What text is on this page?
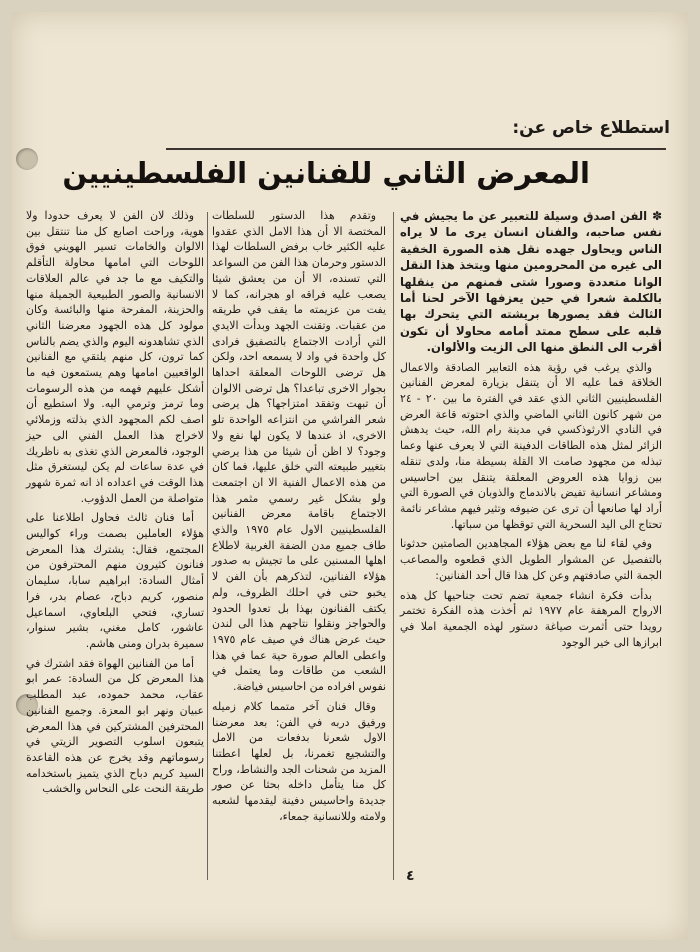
استطلاع خاص عن:
المعرض الثاني للفنانين الفلسطينيين

✽ الفن اصدق وسيلة للتعبير عن ما يجيش في نفس صاحبه، والفنان انسان يرى ما لا يراه الناس ويحاول جهده نقل هذه الصورة الخفية الى غيره من المحرومين منها ويتخذ هذا النقل الوانا متعددة وصورا شتى فمنهم من ينقلها بالكلمة شعرا في حين يعزفها الآخر لحنا أما الثالث فقد يصورها بريشته التي يتحرك بها قلبه على سطح ممتد أمامه محاولا أن تكون أقرب الى النطق منها الى الزيت والألوان.

والذي يرغب في رؤية هذه التعابير الصادقة والاعمال الخلاقة فما عليه الا أن يتنقل بزيارة لمعرض الفنانين الفلسطينيين الثاني الذي عقد في الفترة ما بين ٢٠ - ٢٤ من شهر كانون الثاني الماضي والذي احتوته قاعة العرض في النادي الارثوذكسي في مدينة رام الله، حيث يدهش الزائر لمثل هذه الطاقات الدفينة التي لا يعرف عنها وعما تبذله من مجهود صامت الا القلة بسيطة منا، ولدى تنقله بين زوايا هذه العروض المعلقة يتنقل بين احاسيس ومشاعر انسانية تفيض بالاندماج والذوبان في الصورة التي أراد لها صانعها أن ترى عن ضيوفه وتثير فيهم مشاعر نائمة تحتاج الى اليد السحرية التي توقظها من سباتها.

وفي لقاء لنا مع بعض هؤلاء المجاهدين الصامتين حدثونا بالتفصيل عن المشوار الطويل الذي قطعوه والمصاعب الجمة التي صادفتهم وعن كل هذا قال أحد الفنانين:

بدأت فكرة انشاء جمعية تضم تحت جناحيها كل هذه الارواح المرهفة عام ١٩٧٧ ثم أخذت هذه الفكرة تختمر رويدا حتى أثمرت صياغة دستور لهذه الجمعية املا في ابرازها الى خير الوجود

وتقدم هذا الدستور للسلطات المختصة الا أن هذا الامل الذي عقدوا عليه الكثير خاب برفض السلطات لهذا الدستور وحرمان هذا الفن من السواعد التي تسنده، الا أن من يعشق شيئا يصعب عليه فراقه او هجرانه، كما لا يفت من عزيمته ما يقف في طريقه من عقبات. وتقنت الجهد وبدأت الايدي التي أرادت الاجتماع بالتصفيق فرادى كل واحدة في واد لا يسمعه احد، ولكن هل ترضى اللوحات المعلقة احداها بجوار الاخرى تباعدا؟ هل ترضى الالوان أن تبهت وتفقد امتزاجها؟ هل يرضى شعر الفراشي من انتزاعه الواحدة تلو الاخرى، اذ عندها لا يكون لها نفع ولا وجود؟ لا اظن أن شيئا من هذا يرضي بتغيير طبيعته التي خلق عليها، فما كان من هذه الاعمال الفنية الا ان اجتمعت ولو بشكل غير رسمي مثمر هذا الاجتماع باقامة معرض الفنانين الفلسطينيين الاول عام ١٩٧٥ والذي طاف جميع مدن الضفة الغربية لاطلاع اهلها المسنين على ما تجيش به صدور هؤلاء الفنانين، لتذكرهم بأن الفن لا يخبو حتى في احلك الظروف، ولم يكتف الفنانون بهذا بل تعدوا الحدود والحواجز ونقلوا نتاجهم هذا الى لندن حيث عرض هناك في صيف عام ١٩٧٥ واعطى العالم صورة حية عما في هذا الشعب من طاقات وما يعتمل في نفوس افراده من احاسيس فياضة.

وقال فنان آخر متمما كلام زميله ورفيق دربه في الفن: بعد معرضنا الاول شعرنا بدفعات من الامل والتشجيع تغمرنا، بل لعلها اعطتنا المزيد من شحنات الجد والنشاط، وراح كل منا يتأمل داخله بحثا عن صور جديدة واحاسيس دفينة ليقدمها لشعبه ولامته وللانسانية جمعاء،

وذلك لان الفن لا يعرف حدودا ولا هوية، وراحت اصابع كل منا تنتقل بين الالوان والخامات تسير الهويني فوق اللوحات التي امامها محاولة التأقلم والتكيف مع ما جد في عالم العلاقات الانسانية والصور الطبيعية الجميلة منها والحزينة، المفرحة منها والبائسة وكان مولود كل هذه الجهود معرضنا الثاني الذي تشاهدونه اليوم والذي يضم بالناس كما ترون، كل منهم يلتقي مع الفنانين الواقعيين امامها وهم يستمعون فيه ما أشكل عليهم فهمه من هذه الرسومات وما ترمز وترمي اليه. ولا استطيع أن اصف لكم المجهود الذي بذلته وزملائي لاخراج هذا العمل الفني الى حيز الوجود، فالمعرض الذي تغذى به ناظريك في عدة ساعات لم يكن ليستغرق مثل هذا الوقت في اعداده اذ انه ثمرة شهور متواصلة من العمل الدؤوب.

أما فنان ثالث فحاول اطلاعنا على هؤلاء العاملين بصمت وراء كواليس المجتمع، فقال: يشترك هذا المعرض فنانون كثيرون منهم المحترفون من أمثال السادة: ابراهيم سابا، سليمان منصور، كريم دباح، عصام بدر، فرا تساري، فتحي البلعاوي، اسماعيل عاشور، كامل مغني، بشير سنوار، سميرة بدران ومنى هاشم.

أما من الفنانين الهواة فقد اشترك في هذا المعرض كل من السادة: عمر ابو عقاب، محمد حموده، عبد المطلب عبيان ونهر ابو المعزة. وجميع الفنانين المحترفين المشتركين في هذا المعرض يتبعون اسلوب التصوير الزيتي في رسوماتهم وقد يخرج عن هذه القاعدة السيد كريم دباح الذي يتميز باستخدامه طريقة النحت على النحاس والخشب

٤
